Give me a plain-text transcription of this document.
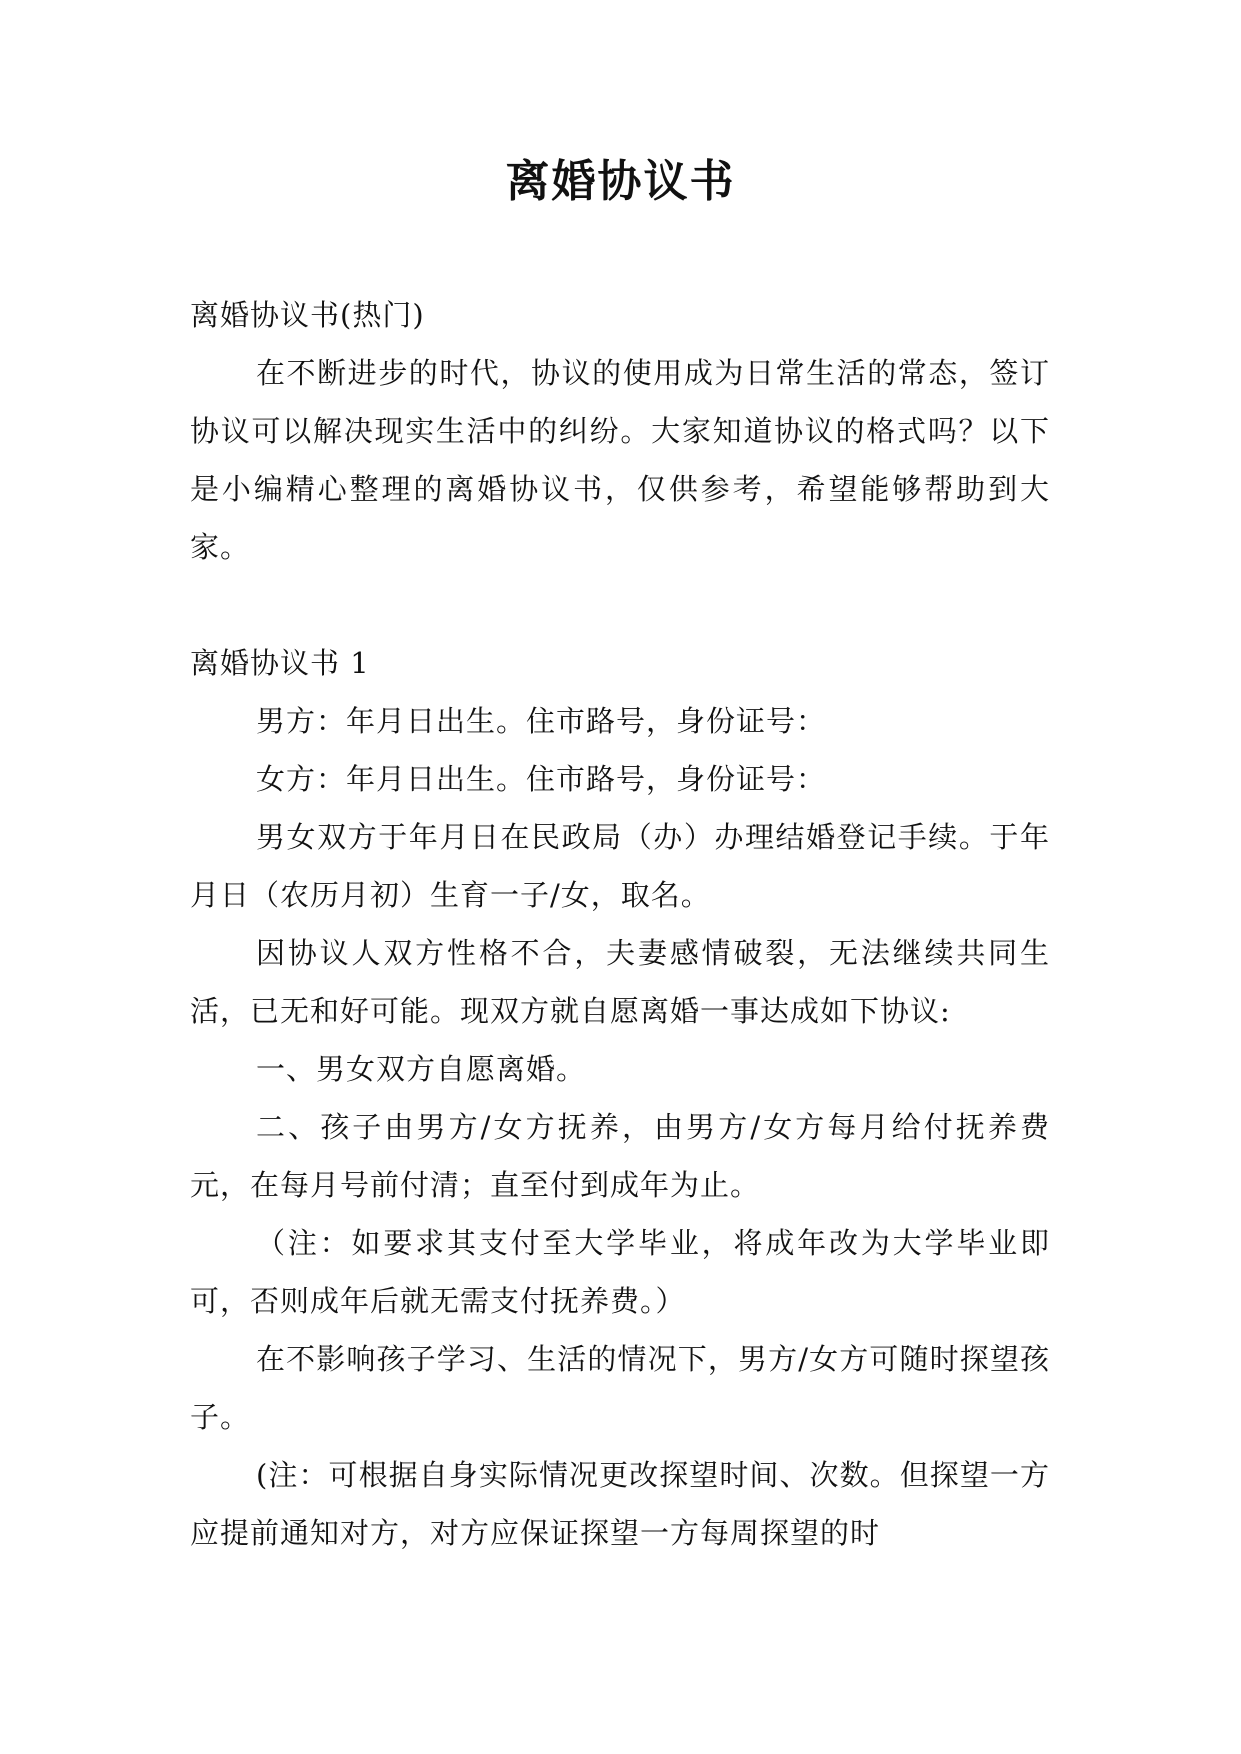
离婚协议书

离婚协议书(热门)

在不断进步的时代，协议的使用成为日常生活的常态，签订协议可以解决现实生活中的纠纷。大家知道协议的格式吗？以下是小编精心整理的离婚协议书，仅供参考，希望能够帮助到大家。

离婚协议书 1

男方：年月日出生。住市路号，身份证号：

女方：年月日出生。住市路号，身份证号：

男女双方于年月日在民政局（办）办理结婚登记手续。于年月日（农历月初）生育一子/女，取名。

因协议人双方性格不合，夫妻感情破裂，无法继续共同生活，已无和好可能。现双方就自愿离婚一事达成如下协议:

一、男女双方自愿离婚。

二、孩子由男方/女方抚养，由男方/女方每月给付抚养费元，在每月号前付清；直至付到成年为止。

（注：如要求其支付至大学毕业，将成年改为大学毕业即可，否则成年后就无需支付抚养费。）

在不影响孩子学习、生活的情况下，男方/女方可随时探望孩子。

(注：可根据自身实际情况更改探望时间、次数。但探望一方应提前通知对方，对方应保证探望一方每周探望的时
